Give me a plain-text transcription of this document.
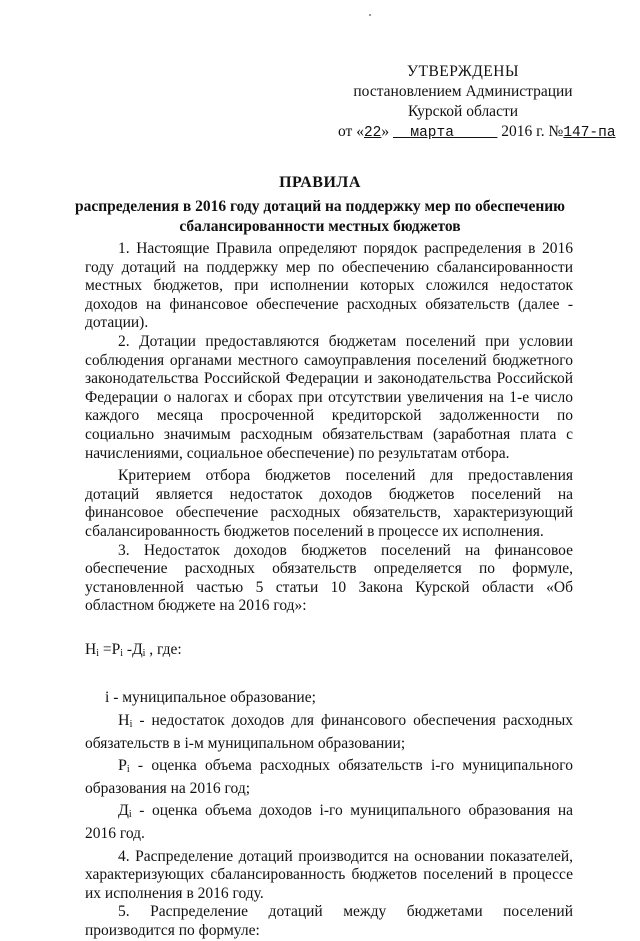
УТВЕРЖДЕНЫ
постановлением Администрации
Курской области
от «22» марта	2016 г. №147-па
ПРАВИЛА
распределения в 2016 году дотаций на поддержку мер по обеспечению сбалансированности местных бюджетов

1. Настоящие Правила определяют порядок распределения в 2016 году дотаций на поддержку мер по обеспечению сбалансированности местных бюджетов, при исполнении которых сложился недостаток доходов на финансовое обеспечение расходных обязательств (далее - дотации).

2. Дотации предоставляются бюджетам поселений при условии соблюдения органами местного самоуправления поселений бюджетного законодательства Российской Федерации и законодательства Российской Федерации о налогах и сборах при отсутствии увеличения на 1-е число каждого месяца просроченной кредиторской задолженности по социально значимым расходным обязательствам (заработная плата с начислениями, социальное обеспечение) по результатам отбора.

Критерием отбора бюджетов поселений для предоставления дотаций является недостаток доходов бюджетов поселений на финансовое обеспечение расходных обязательств, характеризующий сбалансированность бюджетов поселений в процессе их исполнения.

3. Недостаток доходов бюджетов поселений на финансовое обеспечение расходных обязательств определяется по формуле, установленной частью 5 статьи 10 Закона Курской области «Об областном бюджете на 2016 год»:

$Н_i =Р_i$ $-Д_i$ , где:

i - муниципальное образование;

$Н_i$ - недостаток доходов для финансового обеспечения расходных обязательств в i-м муниципальном образовании;

$Р_i$ - оценка объема расходных обязательств i-го муниципального образования на 2016 год;

$Д_i$ - оценка объема доходов i-го муниципального образования на 2016 год.

4. Распределение дотаций производится на основании показателей, характеризующих сбалансированность бюджетов поселений в процессе их исполнения в 2016 году.

5. Распределение дотаций между бюджетами поселений производится по формуле:
